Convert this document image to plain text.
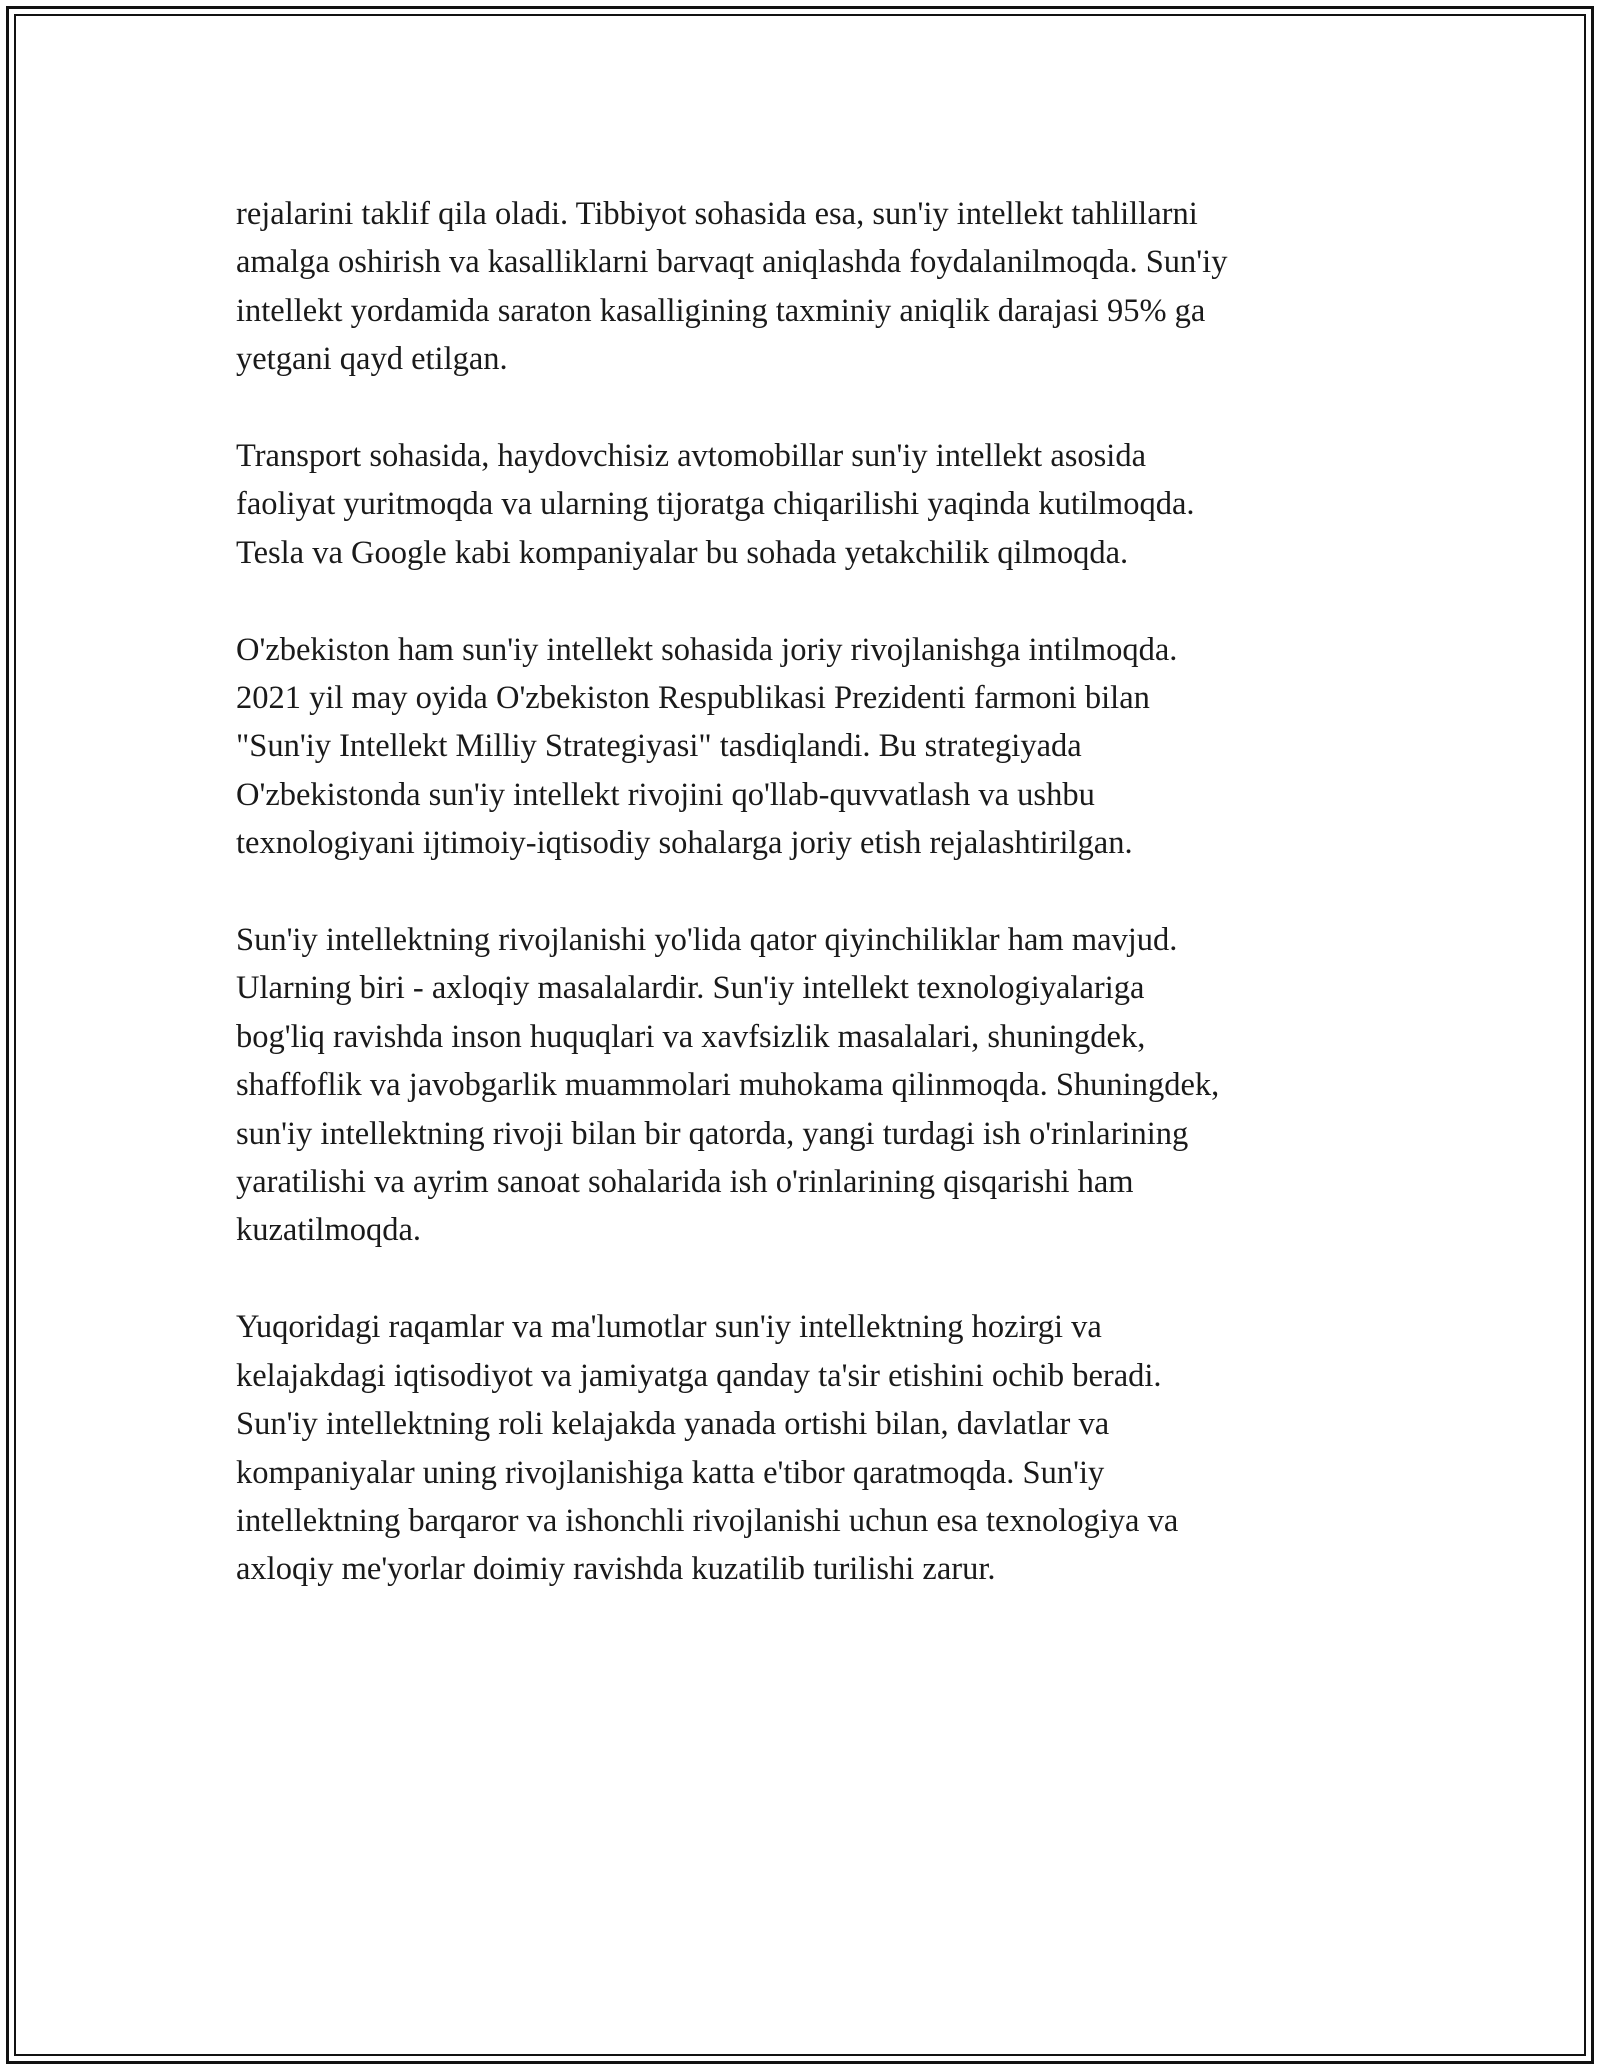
rejalarini taklif qila oladi. Tibbiyot sohasida esa, sun'iy intellekt tahlillarni
amalga oshirish va kasalliklarni barvaqt aniqlashda foydalanilmoqda. Sun'iy
intellekt yordamida saraton kasalligining taxminiy aniqlik darajasi 95% ga
yetgani qayd etilgan.

Transport sohasida, haydovchisiz avtomobillar sun'iy intellekt asosida
faoliyat yuritmoqda va ularning tijoratga chiqarilishi yaqinda kutilmoqda.
Tesla va Google kabi kompaniyalar bu sohada yetakchilik qilmoqda.

O'zbekiston ham sun'iy intellekt sohasida joriy rivojlanishga intilmoqda.
2021 yil may oyida O'zbekiston Respublikasi Prezidenti farmoni bilan
"Sun'iy Intellekt Milliy Strategiyasi" tasdiqlandi. Bu strategiyada
O'zbekistonda sun'iy intellekt rivojini qo'llab-quvvatlash va ushbu
texnologiyani ijtimoiy-iqtisodiy sohalarga joriy etish rejalashtirilgan.

Sun'iy intellektning rivojlanishi yo'lida qator qiyinchiliklar ham mavjud.
Ularning biri - axloqiy masalalardir. Sun'iy intellekt texnologiyalariga
bog'liq ravishda inson huquqlari va xavfsizlik masalalari, shuningdek,
shaffoflik va javobgarlik muammolari muhokama qilinmoqda. Shuningdek,
sun'iy intellektning rivoji bilan bir qatorda, yangi turdagi ish o'rinlarining
yaratilishi va ayrim sanoat sohalarida ish o'rinlarining qisqarishi ham
kuzatilmoqda.

Yuqoridagi raqamlar va ma'lumotlar sun'iy intellektning hozirgi va
kelajakdagi iqtisodiyot va jamiyatga qanday ta'sir etishini ochib beradi.
Sun'iy intellektning roli kelajakda yanada ortishi bilan, davlatlar va
kompaniyalar uning rivojlanishiga katta e'tibor qaratmoqda. Sun'iy
intellektning barqaror va ishonchli rivojlanishi uchun esa texnologiya va
axloqiy me'yorlar doimiy ravishda kuzatilib turilishi zarur.
